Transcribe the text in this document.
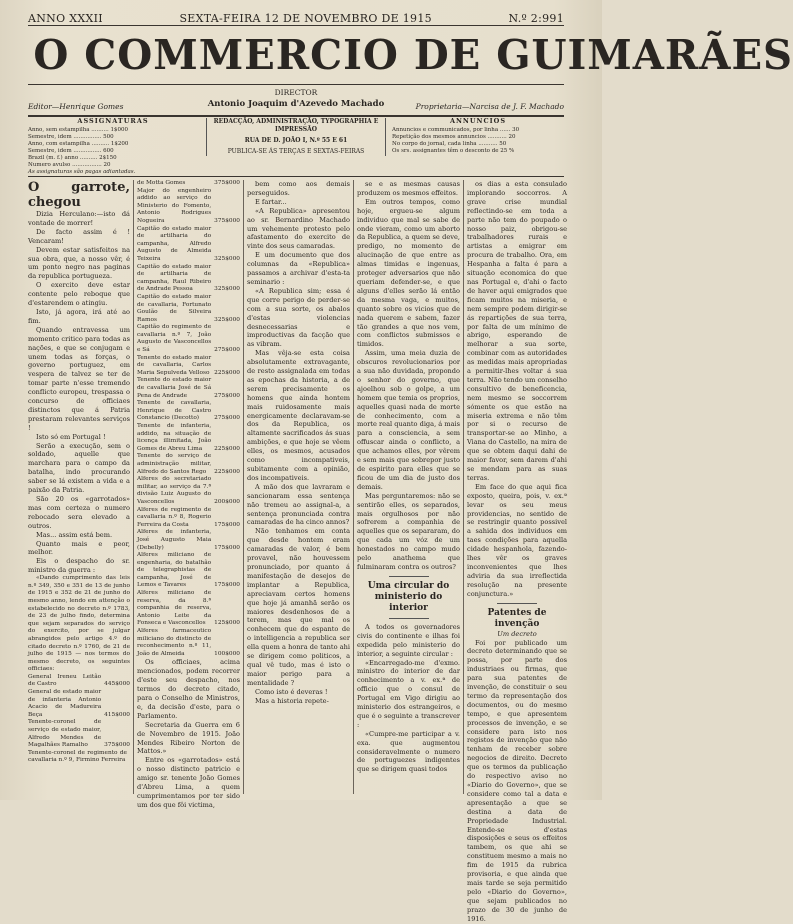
ANNO XXXII	SEXTA-FEIRA 12 DE NOVEMBRO DE 1915	N.º 2:991
O COMMERCIO DE GUIMARÃES
Editor—Henrique Gomes
DIRECTOR
Antonio Joaquim d'Azevedo Machado	Proprietaria—Narcisa de J. F. Machado
ASSIGNATURAS
Anno, sem estampilha .......... 1$000
Semestre, idem ................ 500
Anno, com estampilha .......... 1$200
Semestre, idem ................ 600
Brazil (m. f.) anno .......... 2$150
Numero avulso ................. 20
As assignaturas são pagas adiantadas.
REDACÇÃO, ADMINISTRAÇÃO, TYPOGRAPHIA E IMPRESSÃO
RUA DE D. JOÃO I, N.º 55 E 61
PUBLICA-SE ÁS TERÇAS E SEXTAS-FEIRAS
ANNUNCIOS
Annuncios e communicados, por linha ...... 30
Repetição dos mesmos annuncios ........... 20
No corpo do jornal, cada linha ........... 50
Os srs. assignantes têm o desconto de 25 %

O garrote, chegou

Dizia Herculano:—isto dá vontade de morrer!

De facto assim é ! Vencaram!

Devem estar satisfeitos na sua obra, que, a nosso vêr, é um ponto negro nas paginas da republica portugueza.

O exercito deve estar contente pelo reboque que d'estarendem o atingiu.

Isto, já agora, irá até ao fim.

Quando entravessa um momento critico para todas as nações, e que se conjugam e unem todas as forças, o governo portuguez, em vespera de talvez se ter de tomar parte n'esse tremendo conflicto europeu, trespassa o concurso de officiaes distinctos que á Patria prestaram relevantes serviços !

Isto só em Portugal !

Serão a execução, sem o soldado, aquelle que marchara para o campo da batalha, indo procurando saber se lá existem a vida e a paixão da Patria.

São 20 os «garrotados» mas com certeza o numero rebocado sera elevado a outros.

Mas... assim está bem.

Quanto mais e peor, melhor.

Eis o despacho do sr. ministro da guerra :

«Dando cumprimento das leis n.º 349, 350 e 351 de 13 de junho de 1915 e 352 de 21 de junho do mesmo anno, lendo em attenção o estabelecido no decreto n.º 1783, de 23 de julho findo, determina que sejam separados do serviço do exercito, por se julgar abrangidos pelo artigo 4.º do citado decreto n.º 1760, de 21 de julho de 1915 — nos termos do mesmo decreto, os seguintes officiaes:

General Ireneu Leitão de Castro	445$000
General de estado maior de infanteria Antonio Acacio de Madureira Beça	415$000
Tenente-coronel de serviço de estado maior, Alfredo Mendes de Magalhães Ramalho	375$000
Tenente-coronel de regimento de cavallaria n.º 9, Firmino Ferreira
de Motta Gomes	375$000
Major do engenheiro addido ao serviço do Ministerio do Fomento, Antonio Rodrigues Nogueira	375$000
Capitão do estado maior de artilharia do campanha, Alfredo Augusto de Almeida Teixeira	325$000
Capitão do estado maior de artilharia de campanha, Raul Ribeiro de Andrade Pessoa	325$000
Capitão do estado maior de cavallaria, Fortunato Goulão de Silveira Ramos	325$000
Capitão do regimento de cavallaria n.º 7, João Augusto de Vasconcellos e Sá	275$000
Tenente do estado maior de cavallaria, Carlos Maria Sepulveda Velloso 225$000
Tenente do estado maior de cavallaria José de Sá Pena de Andrade	275$000
Tenente de cavallaria, Henrique de Castro Constancio (Decotto)	275$000
Tenente de infanteria, addido, na situação de licença illimitada, João Gomes de Abreu Lima	225$000
Tenente do serviço de administração militar, Alfredo do Santos Rego	225$000
Alferes do secretariado militar, ao serviço da 7.ª divisão Luiz Augusto do Vasconcellos	200$000
Alferes de regimento de cavallaria n.º 8, Rogerio Ferreira da Costa	175$000
Alferes de infanteria, José Augusto Maia (Debelly)	175$000
Alferes miliciano de engenharia, do batalhão de telegraphistas de campanha, José de Lemos e Tavares	175$000
Alferes miliciano de reserva, da 8.ª companhia de reserva, Antonio Leite da Fonseca e Vasconcellos	125$000
Alferes farmaceutico miliciano do distincto de reconhecimento n.º 11, João de Almeida	100$000

Os officiaes, acima mencionados, podem recorrer d'este seu despacho, nos termos do decreto citado, para o Conselho de Ministros, e, da decisão d'este, para o Parlamento.

Secretaria da Guerra em 6 de Novembro de 1915. João Mendes Ribeiro Norton de Mattos.»

Entre os «garrotados» está o nosso distincto patricio e amigo sr. tenente João Gomes d'Abreu Lima, a quem cumprimentamos por ter sido um dos que fôi victima,

bem como aos demais perseguidos.

E fartar...

«A Republica» apresentou ao sr. Bernardino Machado um vehemente protesto pelo afastamento do exercito de vinte dos seus camaradas.

E um documento que dos columnas da «Republica» passamos a archivar d'esta-ta seminario :

«A Republica sim; essa é que corre perigo de perder-se com a sua sorte, os abalos d'estas violencias desnecessarias e improductivas da facção que as vibram.

Mas vêja-se esta coisa absolutamente extravagante, de resto assignalada em todas as epochas da historia, a de serem precisamente os homens que ainda hontem mais ruidosamente mais energicamente declaravam-se dos da Republica, os altamente sacrificados ás suas ambições, e que hoje se vêem elles, os mesmos, acusados como incompativeis, subitamente com a opinião, dos incompativeis.

A mão dos que lavraram e sancionaram essa sentença não tremeu ao assignal-a, a sentença pronunciada contra camaradas de ha cinco annos?

Não tenhamos em conta que desde hontem eram camaradas de valor, é bem provavel, não houvessem pronunciado, por quanto á manifestação de desejos de implantar a Republica, apreciavam certos homens que hoje já amanhã serão os maiores desdenhosos de a terem, mas que mal os conhecem que do espanto de o intelligencia a republica ser ella quem a honra de tanto ahi se dirigem como politicos, a qual vê tudo, mas é isto o maior perigo para a mentalidade ?

Como isto é deveras !

Mas a historia repete-

se e as mesmas causas produzem os mesmos effeitos.

Em outros tempos, como hoje, ergueu-se algum individuo que mal se sabe de onde vieram, como um aborto da Republica, a quem se deve, predigo, no momento de alucinação de que entre as almas timidas e ingenuas, proteger adversarios que não queriam defender-se, e que alguns d'elles serão lá então da mesma vaga, e muitos, quanto sobre os vicios que de nada querem e sabem, fazer tão grandes a que nos vem, com conflictos submissos e timidos.

Assim, uma meia duzia de obscuros revolucionarios por a sua não duvidada, propondo o senhor do governo, que ajoelhou sob o golpe, a um homem que temia os proprios, aquelles quasi nada de morte de conhecimento, com a morte real quanto diga, á mais para a consciencia, a sem offuscar ainda o conflicto, a que achamos elles, por vêrem e sem mais que sobrepor justo de espirito para elles que se ficou de um dia de justo dos demais.

Mas perguntaremos: não se sentirão elles, os separados, mais orgulhosos por não sofrerem a companhia de aquelles que os separaram, do que cada um vóz de um honestados no campo mudo pelo anathema que fulminaram contra os outros?

Uma circular do ministerio do interior

A todos os governadores civis do continente e ilhas foi expedida pelo ministerio do interior, a seguinte circular :

«Encarregado-me d'exmo. ministro do interior de dar conhecimento a v. ex.ª de officio que o consul de Portugal em Vigo dirigiu ao ministerio dos estrangeiros, e que é o seguinte a transcrever :

«Cumpre-me participar a v. exa. que augmentou consideravelmente o numero de portuguezes indigentes que se dirigem quasi todos

os dias a esta consulado implorando soccorros. A grave crise mundial reflectindo-se em toda a parte não tem do poupado o nosso paiz, obrigou-se trabalhadores rurais e artistas a emigrar em procura de trabalho. Ora, em Hespanha a falta é para a situação economica do que nas Portugal e, d'ahi o facto de haver aqui emigrados que ficam muitos na miseria, e nem sempre podem dirigir-se ás repartições de sua terra, por falta de um mínimo de abrigo, esperando de melhorar a sua sorte, combinar com as autoridades as medidas mais apropriadas a permitir-lhes voltar á sua terra. Não tendo um conselho consultivo de beneficencia, nem mesmo se soccorrem sómente os que estão na miseria extrema e não têm por si o recurso de transportar-se ao Minho, a Viana do Castello, na mira de que se obtem daqui dahi de maior favor, sem darem d'ahi se mendam para as suas terras.

Em face do que aqui fica exposto, queira, pois, v. ex.ª levar os seu meus providencias, no sentido de se restringir quanto possivel a sahida dos individuos em taes condições para aquella cidade hespanhola, fazendo-lhes vêr os graves inconvenientes que lhes adviria da sua irreflectida resolução na presente conjunctura.»

Patentes de invenção

Um decreto

Foi por publicado um decreto determinando que se possa, por parte dos industriaes ou firmas, que para sua patentes de invenção, de constituir o seu termo da representação dos documentos, ou do mesmo tempo, e que apresentem processos de invenção, e se considere para isto nos registos de invenção que não tenham de receber sobre negocios de direito. Decreto que os termos da publicação do respectivo aviso no «Diario do Governo», que se considere como tal a data e apresentação a que se destina a data de Propriedade Industrial. Entende-se d'estas disposições e seus os effeitos tambem, os que ahi se constituem mesmo a mais no fim de 1915 da rubrica provisoria, e que ainda que mais tarde se seja permitido pelo «Diario do Governo», que sejam publicados no prazo de 30 de junho de 1916.
